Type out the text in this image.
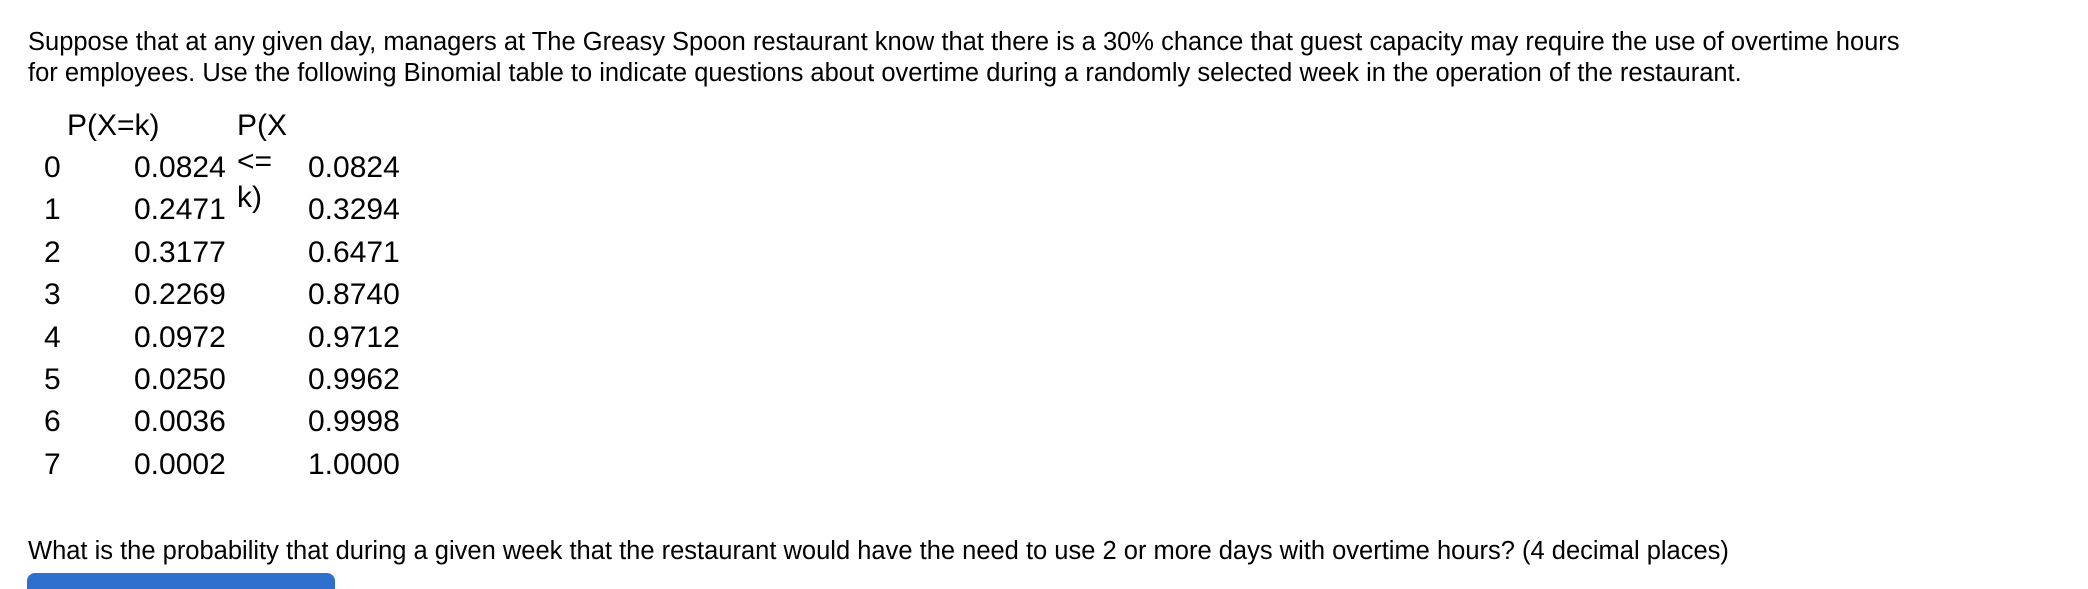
Suppose that at any given day, managers at The Greasy Spoon restaurant know that there is a 30% chance that guest capacity may require the use of overtime hours

for employees. Use the following Binomial table to indicate questions about overtime during a randomly selected week in the operation of the restaurant.

P(X=k)	P(X <= k)
0 0.0824	0.0824
1 0.2471	0.3294
2 0.3177	0.6471
3 0.2269	0.8740
4 0.0972	0.9712
5 0.0250	0.9962
6 0.0036	0.9998
7 0.0002	1.0000
What is the probability that during a given week that the restaurant would have the need to use 2 or more days with overtime hours? (4 decimal places)
